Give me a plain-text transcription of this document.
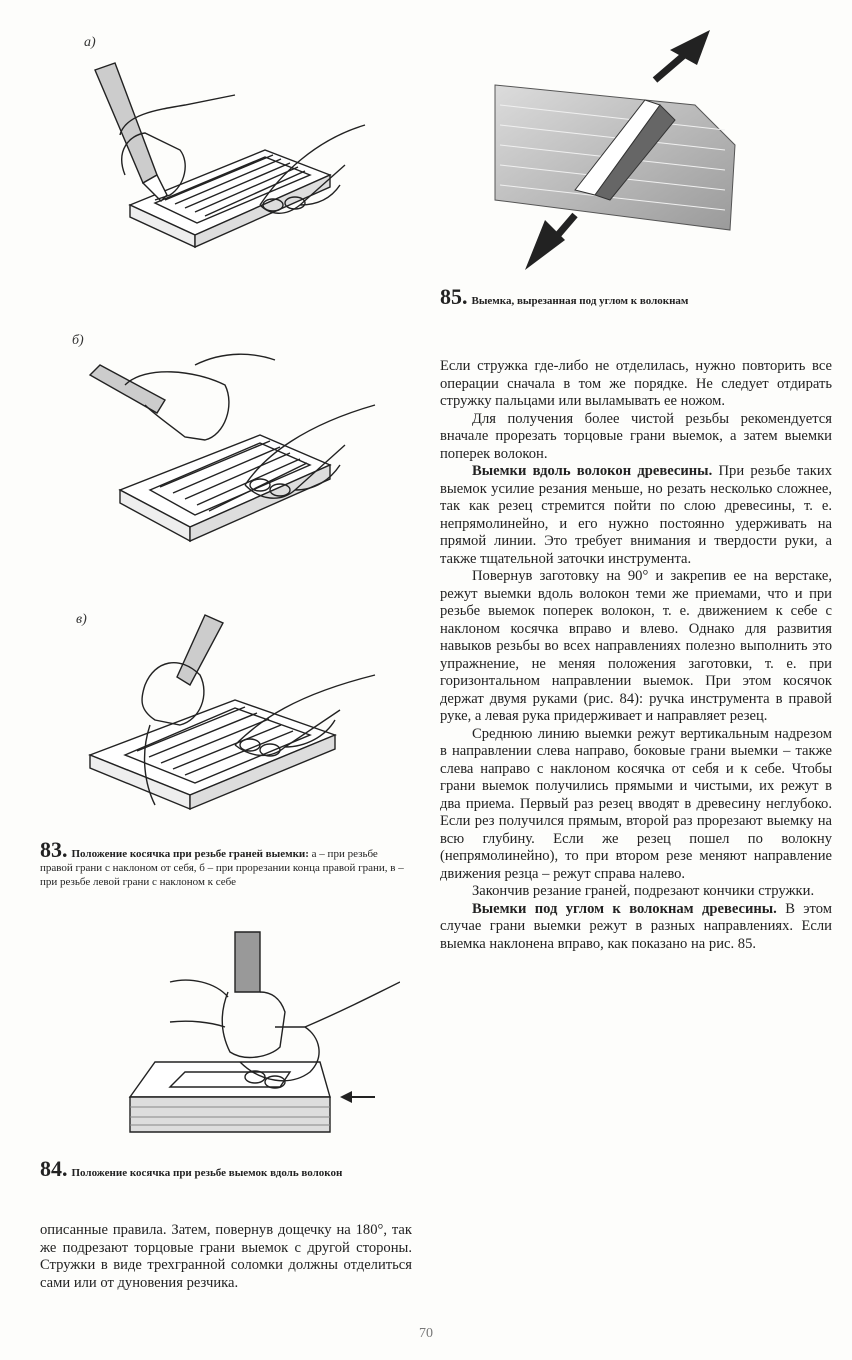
а)
85. Выемка, вырезанная под углом к волокнам
б)

Если стружка где-либо не отделилась, нужно повторить все операции сначала в том же порядке. Не следует отдирать стружку пальцами или выламывать ее ножом.

Для получения более чистой резьбы рекомендуется вначале прорезать торцовые грани выемок, а затем выемки поперек волокон.

Выемки вдоль волокон древесины. При резьбе таких выемок усилие резания меньше, но резать несколько сложнее, так как резец стремится пойти по слою древесины, т. е. непрямолинейно, и его нужно постоянно удерживать на прямой линии. Это требует внимания и твердости руки, а также тщательной заточки инструмента.

Повернув заготовку на 90° и закрепив ее на верстаке, режут выемки вдоль волокон теми же приемами, что и при резьбе выемок поперек волокон, т. е. движением к себе с наклоном косячка вправо и влево. Однако для развития навыков резьбы во всех направлениях полезно выполнить это упражнение, не меняя положения заготовки, т. е. при горизонтальном направлении выемок. При этом косячок держат двумя руками (рис. 84): ручка инструмента в правой руке, а левая рука придерживает и направляет резец.

Среднюю линию выемки режут вертикальным надрезом в направлении слева направо, боковые грани выемки – также слева направо с наклоном косячка от себя и к себе. Чтобы грани выемок получились прямыми и чистыми, их режут в два приема. Первый раз резец вводят в древесину неглубоко. Если рез получился прямым, второй раз прорезают выемку на всю глубину. Если же резец пошел по волокну (непрямолинейно), то при втором резе меняют направление движения резца – режут справа налево.

Закончив резание граней, подрезают кончики стружки.

Выемки под углом к волокнам древесины. В этом случае грани выемки режут в разных направлениях. Если выемка наклонена вправо, как показано на рис. 85.

в)
83. Положение косячка при резьбе граней выемки: а – при резьбе правой грани с наклоном от себя, б – при прорезании конца правой грани, в – при резьбе левой грани с наклоном к себе
84. Положение косячка при резьбе выемок вдоль волокон

описанные правила. Затем, повернув дощечку на 180°, так же подрезают торцовые грани выемок с другой стороны. Стружки в виде трехгранной соломки должны отделиться сами или от дуновения резчика.

70
